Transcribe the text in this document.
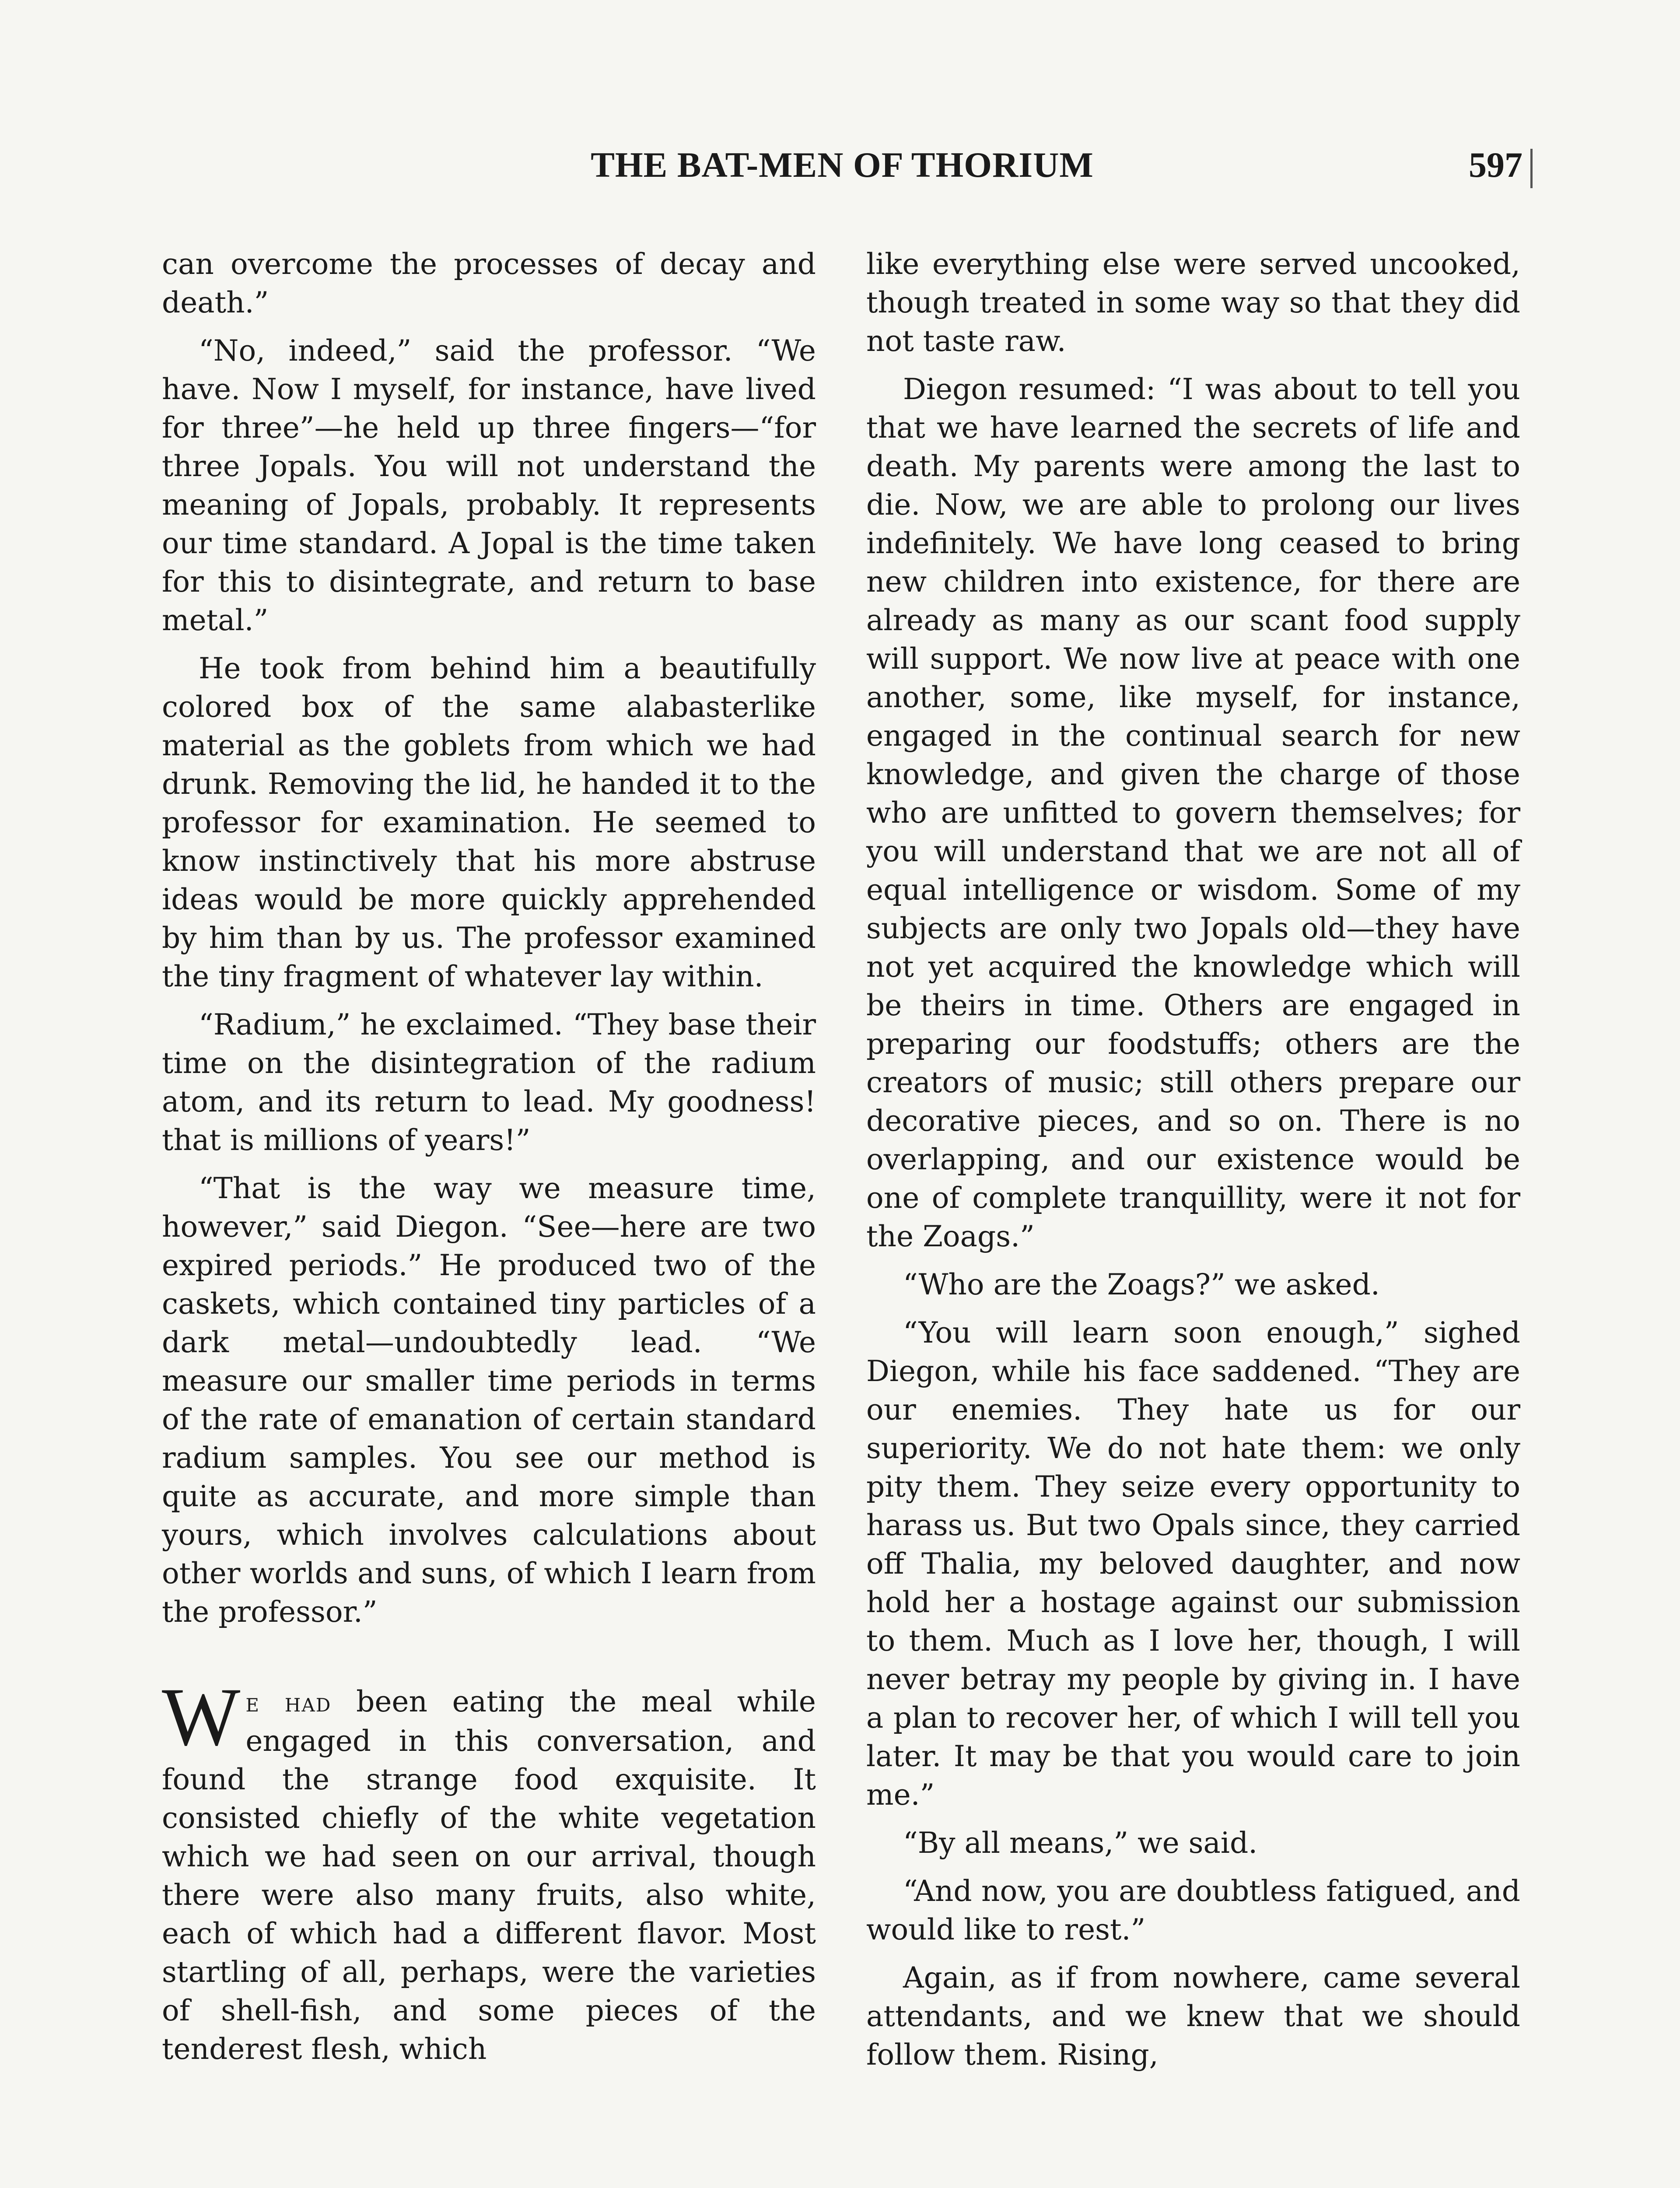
THE BAT-MEN OF THORIUM	597

can overcome the processes of decay and death.”

“No, indeed,” said the professor. “We have. Now I myself, for instance, have lived for three”—he held up three fingers—“for three Jopals. You will not understand the meaning of Jopals, probably. It represents our time standard. A Jopal is the time taken for this to disintegrate, and return to base metal.”

He took from behind him a beautifully colored box of the same alabasterlike material as the goblets from which we had drunk. Removing the lid, he handed it to the professor for examination. He seemed to know instinctively that his more abstruse ideas would be more quickly apprehended by him than by us. The professor examined the tiny fragment of whatever lay within.

“Radium,” he exclaimed. “They base their time on the disintegration of the radium atom, and its return to lead. My goodness! that is millions of years!”

“That is the way we measure time, however,” said Diegon. “See—here are two expired periods.” He produced two of the caskets, which contained tiny particles of a dark metal—undoubtedly lead. “We measure our smaller time periods in terms of the rate of emanation of certain standard radium samples. You see our method is quite as accurate, and more simple than yours, which involves calculations about other worlds and suns, of which I learn from the professor.”

We had been eating the meal while engaged in this conversation, and found the strange food exquisite. It consisted chiefly of the white vegetation which we had seen on our arrival, though there were also many fruits, also white, each of which had a different flavor. Most startling of all, perhaps, were the varieties of shell-fish, and some pieces of the tenderest flesh, which

like everything else were served uncooked, though treated in some way so that they did not taste raw.

Diegon resumed: “I was about to tell you that we have learned the secrets of life and death. My parents were among the last to die. Now, we are able to prolong our lives indefinitely. We have long ceased to bring new children into existence, for there are already as many as our scant food supply will support. We now live at peace with one another, some, like myself, for instance, engaged in the continual search for new knowledge, and given the charge of those who are unfitted to govern themselves; for you will understand that we are not all of equal intelligence or wisdom. Some of my subjects are only two Jopals old—they have not yet acquired the knowledge which will be theirs in time. Others are engaged in preparing our foodstuffs; others are the creators of music; still others prepare our decorative pieces, and so on. There is no overlapping, and our existence would be one of complete tranquillity, were it not for the Zoags.”

“Who are the Zoags?” we asked.

“You will learn soon enough,” sighed Diegon, while his face saddened. “They are our enemies. They hate us for our superiority. We do not hate them: we only pity them. They seize every opportunity to harass us. But two Opals since, they carried off Thalia, my beloved daughter, and now hold her a hostage against our submission to them. Much as I love her, though, I will never betray my people by giving in. I have a plan to recover her, of which I will tell you later. It may be that you would care to join me.”

“By all means,” we said.

“And now, you are doubtless fatigued, and would like to rest.”

Again, as if from nowhere, came several attendants, and we knew that we should follow them. Rising,
